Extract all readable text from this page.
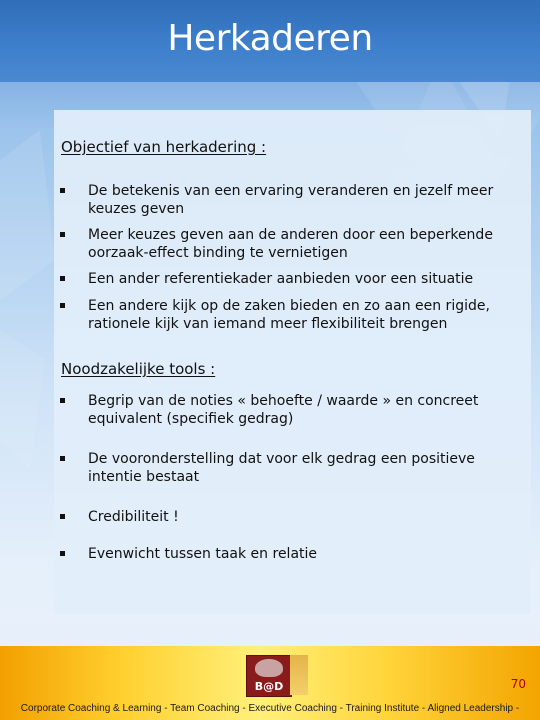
Herkaderen
Objectief van herkadering :
De betekenis van een ervaring veranderen en jezelf meer keuzes geven
Meer keuzes geven aan de anderen door een beperkende oorzaak-effect binding te vernietigen
Een ander referentiekader aanbieden voor een situatie
Een andere kijk op de zaken bieden en zo aan een rigide, rationele kijk van iemand meer flexibiliteit brengen
Noodzakelijke tools :
Begrip van de noties « behoefte / waarde » en concreet equivalent (specifiek gedrag)
De vooronderstelling dat voor elk gedrag een positieve intentie bestaat
Credibiliteit !
Evenwicht tussen taak en relatie
B@D	70
Corporate Coaching & Learning - Team Coaching - Executive Coaching - Training Institute - Aligned Leadership -
